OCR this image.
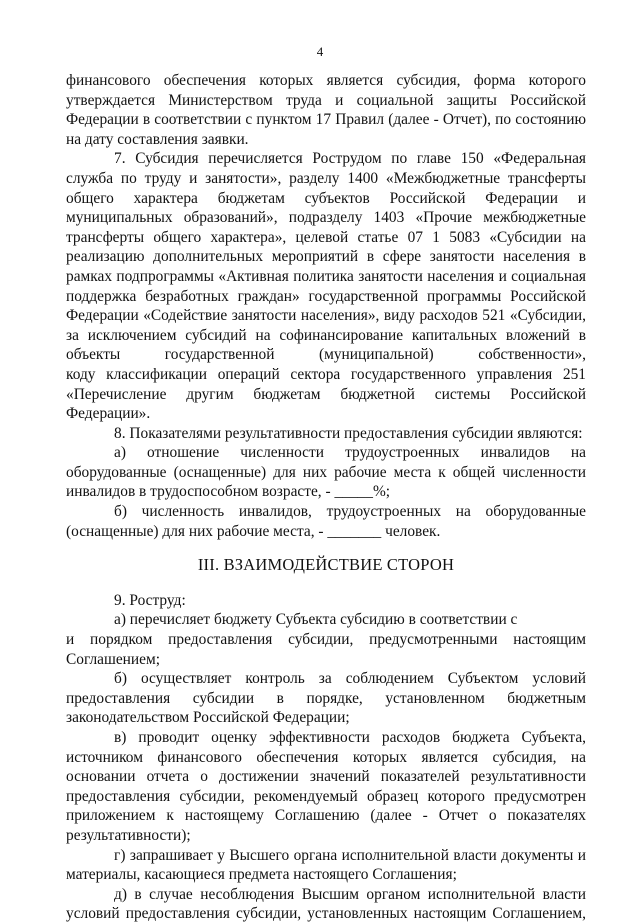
4
финансового обеспечения которых является субсидия, форма которого
утверждается Министерством труда и социальной защиты Российской
Федерации в соответствии с пунктом 17 Правил (далее - Отчет), по состоянию
на дату составления заявки.
7. Субсидия перечисляется Рострудом по главе 150 «Федеральная
служба по труду и занятости», разделу 1400 «Межбюджетные трансферты
общего характера бюджетам субъектов Российской Федерации и
муниципальных образований», подразделу 1403 «Прочие межбюджетные
трансферты общего характера», целевой статье 07 1 5083 «Субсидии на
реализацию дополнительных мероприятий в сфере занятости населения в
рамках подпрограммы «Активная политика занятости населения и социальная
поддержка безработных граждан» государственной программы Российской
Федерации «Содействие занятости населения», виду расходов 521 «Субсидии,
за исключением субсидий на софинансирование капитальных вложений в
объекты государственной (муниципальной) собственности»,
коду классификации операций сектора государственного управления 251
«Перечисление другим бюджетам бюджетной системы Российской
Федерации».
8. Показателями результативности предоставления субсидии являются:
а) отношение численности трудоустроенных инвалидов на
оборудованные (оснащенные) для них рабочие места к общей численности
инвалидов в трудоспособном возрасте, - _____%;
б) численность инвалидов, трудоустроенных на оборудованные
(оснащенные) для них рабочие места, - _______ человек.
III. ВЗАИМОДЕЙСТВИЕ СТОРОН
9. Роструд:
а) перечисляет бюджету Субъекта субсидию в соответствии с
и порядком предоставления субсидии, предусмотренными настоящим
Соглашением;
б) осуществляет контроль за соблюдением Субъектом условий
предоставления субсидии в порядке, установленном бюджетным
законодательством Российской Федерации;
в) проводит оценку эффективности расходов бюджета Субъекта,
источником финансового обеспечения которых является субсидия, на
основании отчета о достижении значений показателей результативности
предоставления субсидии, рекомендуемый образец которого предусмотрен
приложением к настоящему Соглашению (далее - Отчет о показателях
результативности);
г) запрашивает у Высшего органа исполнительной власти документы и
материалы, касающиеся предмета настоящего Соглашения;
д) в случае несоблюдения Высшим органом исполнительной власти
условий предоставления субсидии, установленных настоящим Соглашением,
